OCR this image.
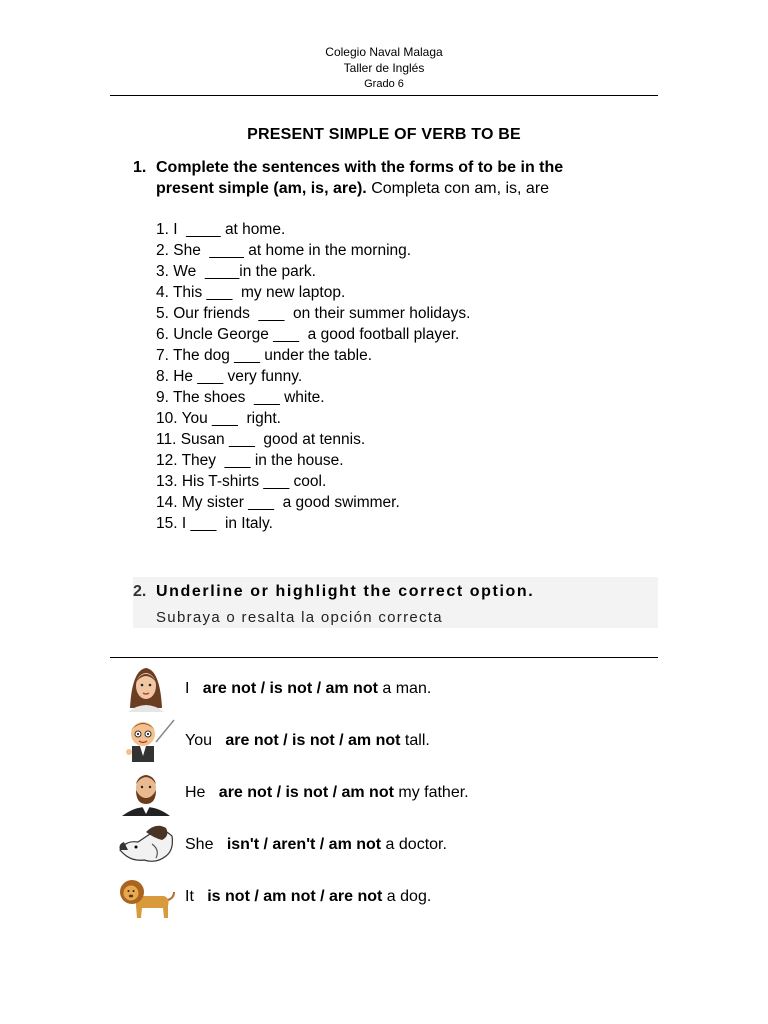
Colegio Naval Malaga
Taller de Inglés
Grado 6
PRESENT SIMPLE OF VERB TO BE
1. Complete the sentences with the forms of to be in the
present simple (am, is, are). Completa con am, is, are
1. I  ____ at home.
2. She  ____ at home in the morning.
3. We  ____in the park.
4. This ___  my new laptop.
5. Our friends  ___  on their summer holidays.
6. Uncle George ___  a good football player.
7. The dog ___ under the table.
8. He ___ very funny.
9. The shoes  ___ white.
10. You ___  right.
11. Susan ___  good at tennis.
12. They  ___ in the house.
13. His T-shirts ___ cool.
14. My sister ___  a good swimmer.
15. I ___  in Italy.
2. Underline or highlight the correct option.
Subraya o resalta la opción correcta
I are not / is not / am not a man.
You are not / is not / am not tall.
He are not / is not / am not my father.
She isn't / aren't / am not a doctor.
It is not / am not / are not a dog.
